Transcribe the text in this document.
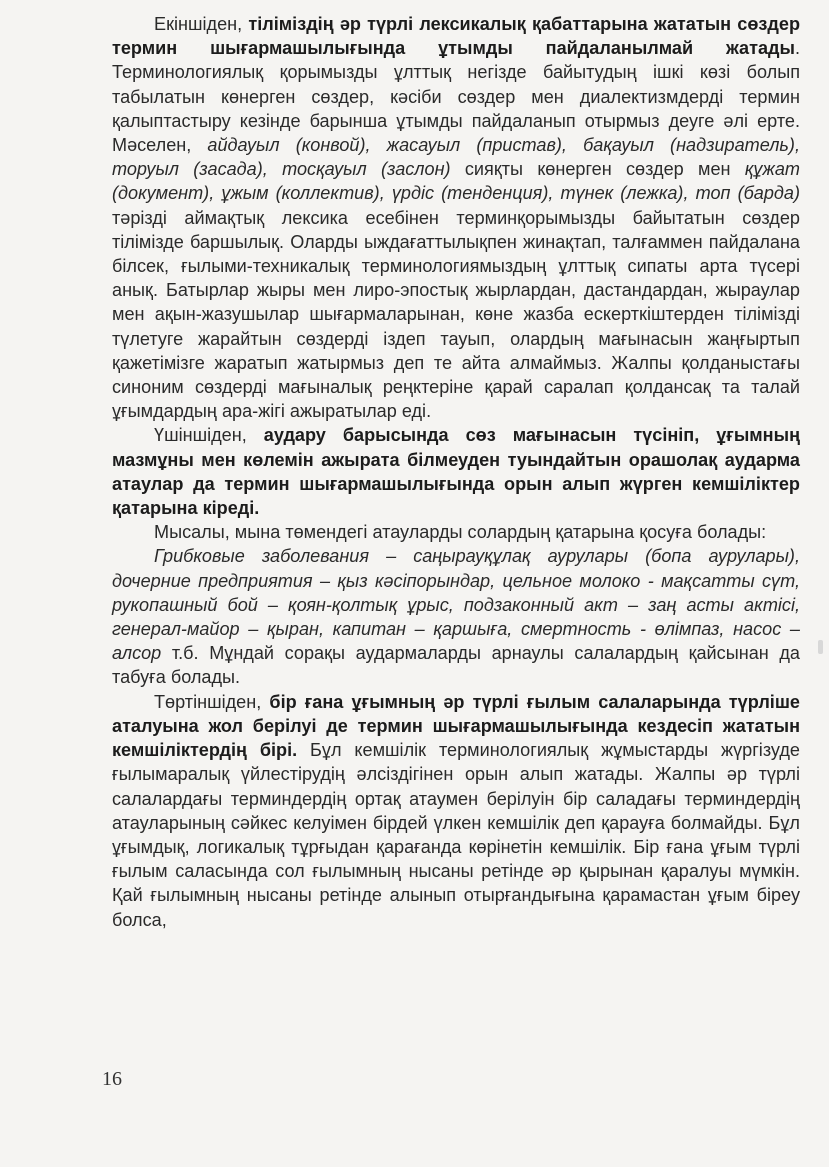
Екіншіден, тіліміздің әр түрлі лексикалық қабаттарына жататын сөздер термин шығармашылығында ұтымды пайдаланылмай жатады. Терминологиялық қорымызды ұлттық негізде байытудың ішкі көзі болып табылатын көнерген сөздер, кәсіби сөздер мен диалектизмдерді термин қалыптастыру кезінде барынша ұтымды пайдаланып отырмыз деуге әлі ерте. Мәселен, айдауыл (конвой), жасауыл (пристав), бақауыл (надзиратель), торуыл (засада), тосқауыл (заслон) сияқты көнерген сөздер мен құжат (документ), ұжым (коллектив), үрдіс (тенденция), түнек (лежка), топ (барда) тәрізді аймақтық лексика есебінен терминқорымызды байытатын сөздер тілімізде баршылық. Оларды ыждағаттылықпен жинақтап, талғаммен пайдалана білсек, ғылыми-техникалық терминологиямыздың ұлттық сипаты арта түсері анық. Батырлар жыры мен лиро-эпостық жырлардан, дастандардан, жыраулар мен ақын-жазушылар шығармаларынан, көне жазба ескерткіштерден тілімізді түлетуге жарайтын сөздерді іздеп тауып, олардың мағынасын жаңғыртып қажетімізге жаратып жатырмыз деп те айта алмаймыз. Жалпы қолданыстағы синоним сөздерді мағыналық реңктеріне қарай саралап қолдансақ та талай ұғымдардың ара-жігі ажыратылар еді.

Үшіншіден, аудару барысында сөз мағынасын түсініп, ұғымның мазмұны мен көлемін ажырата білмеуден туындайтын орашолақ аударма атаулар да термин шығармашылығында орын алып жүрген кемшіліктер қатарына кіреді.

Мысалы, мына төмендегі атауларды солардың қатарына қосуға болады:

Грибковые заболевания – саңырауқұлақ аурулары (бопа аурулары), дочерние предприятия – қыз кәсіпорындар, цельное молоко - мақсатты сүт, рукопашный бой – қоян-қолтық ұрыс, подзаконный акт – заң асты актісі, генерал-майор – қыран, капитан – қаршыға, смертность - өлімпаз, насос – алсор т.б. Мұндай сорақы аудармаларды арнаулы салалардың қайсынан да табуға болады.

Төртіншіден, бір ғана ұғымның әр түрлі ғылым салаларында түрліше аталуына жол берілуі де термин шығармашылығында кездесіп жататын кемшіліктердің бірі. Бұл кемшілік терминологиялық жұмыстарды жүргізуде ғылымаралық үйлестірудің әлсіздігінен орын алып жатады. Жалпы әр түрлі салалардағы терминдердің ортақ атаумен берілуін бір саладағы терминдердің атауларының сәйкес келуімен бірдей үлкен кемшілік деп қарауға болмайды. Бұл ұғымдық, логикалық тұрғыдан қарағанда көрінетін кемшілік. Бір ғана ұғым түрлі ғылым саласында сол ғылымның нысаны ретінде әр қырынан қаралуы мүмкін. Қай ғылымның нысаны ретінде алынып отырғандығына қарамастан ұғым біреу болса,

16
